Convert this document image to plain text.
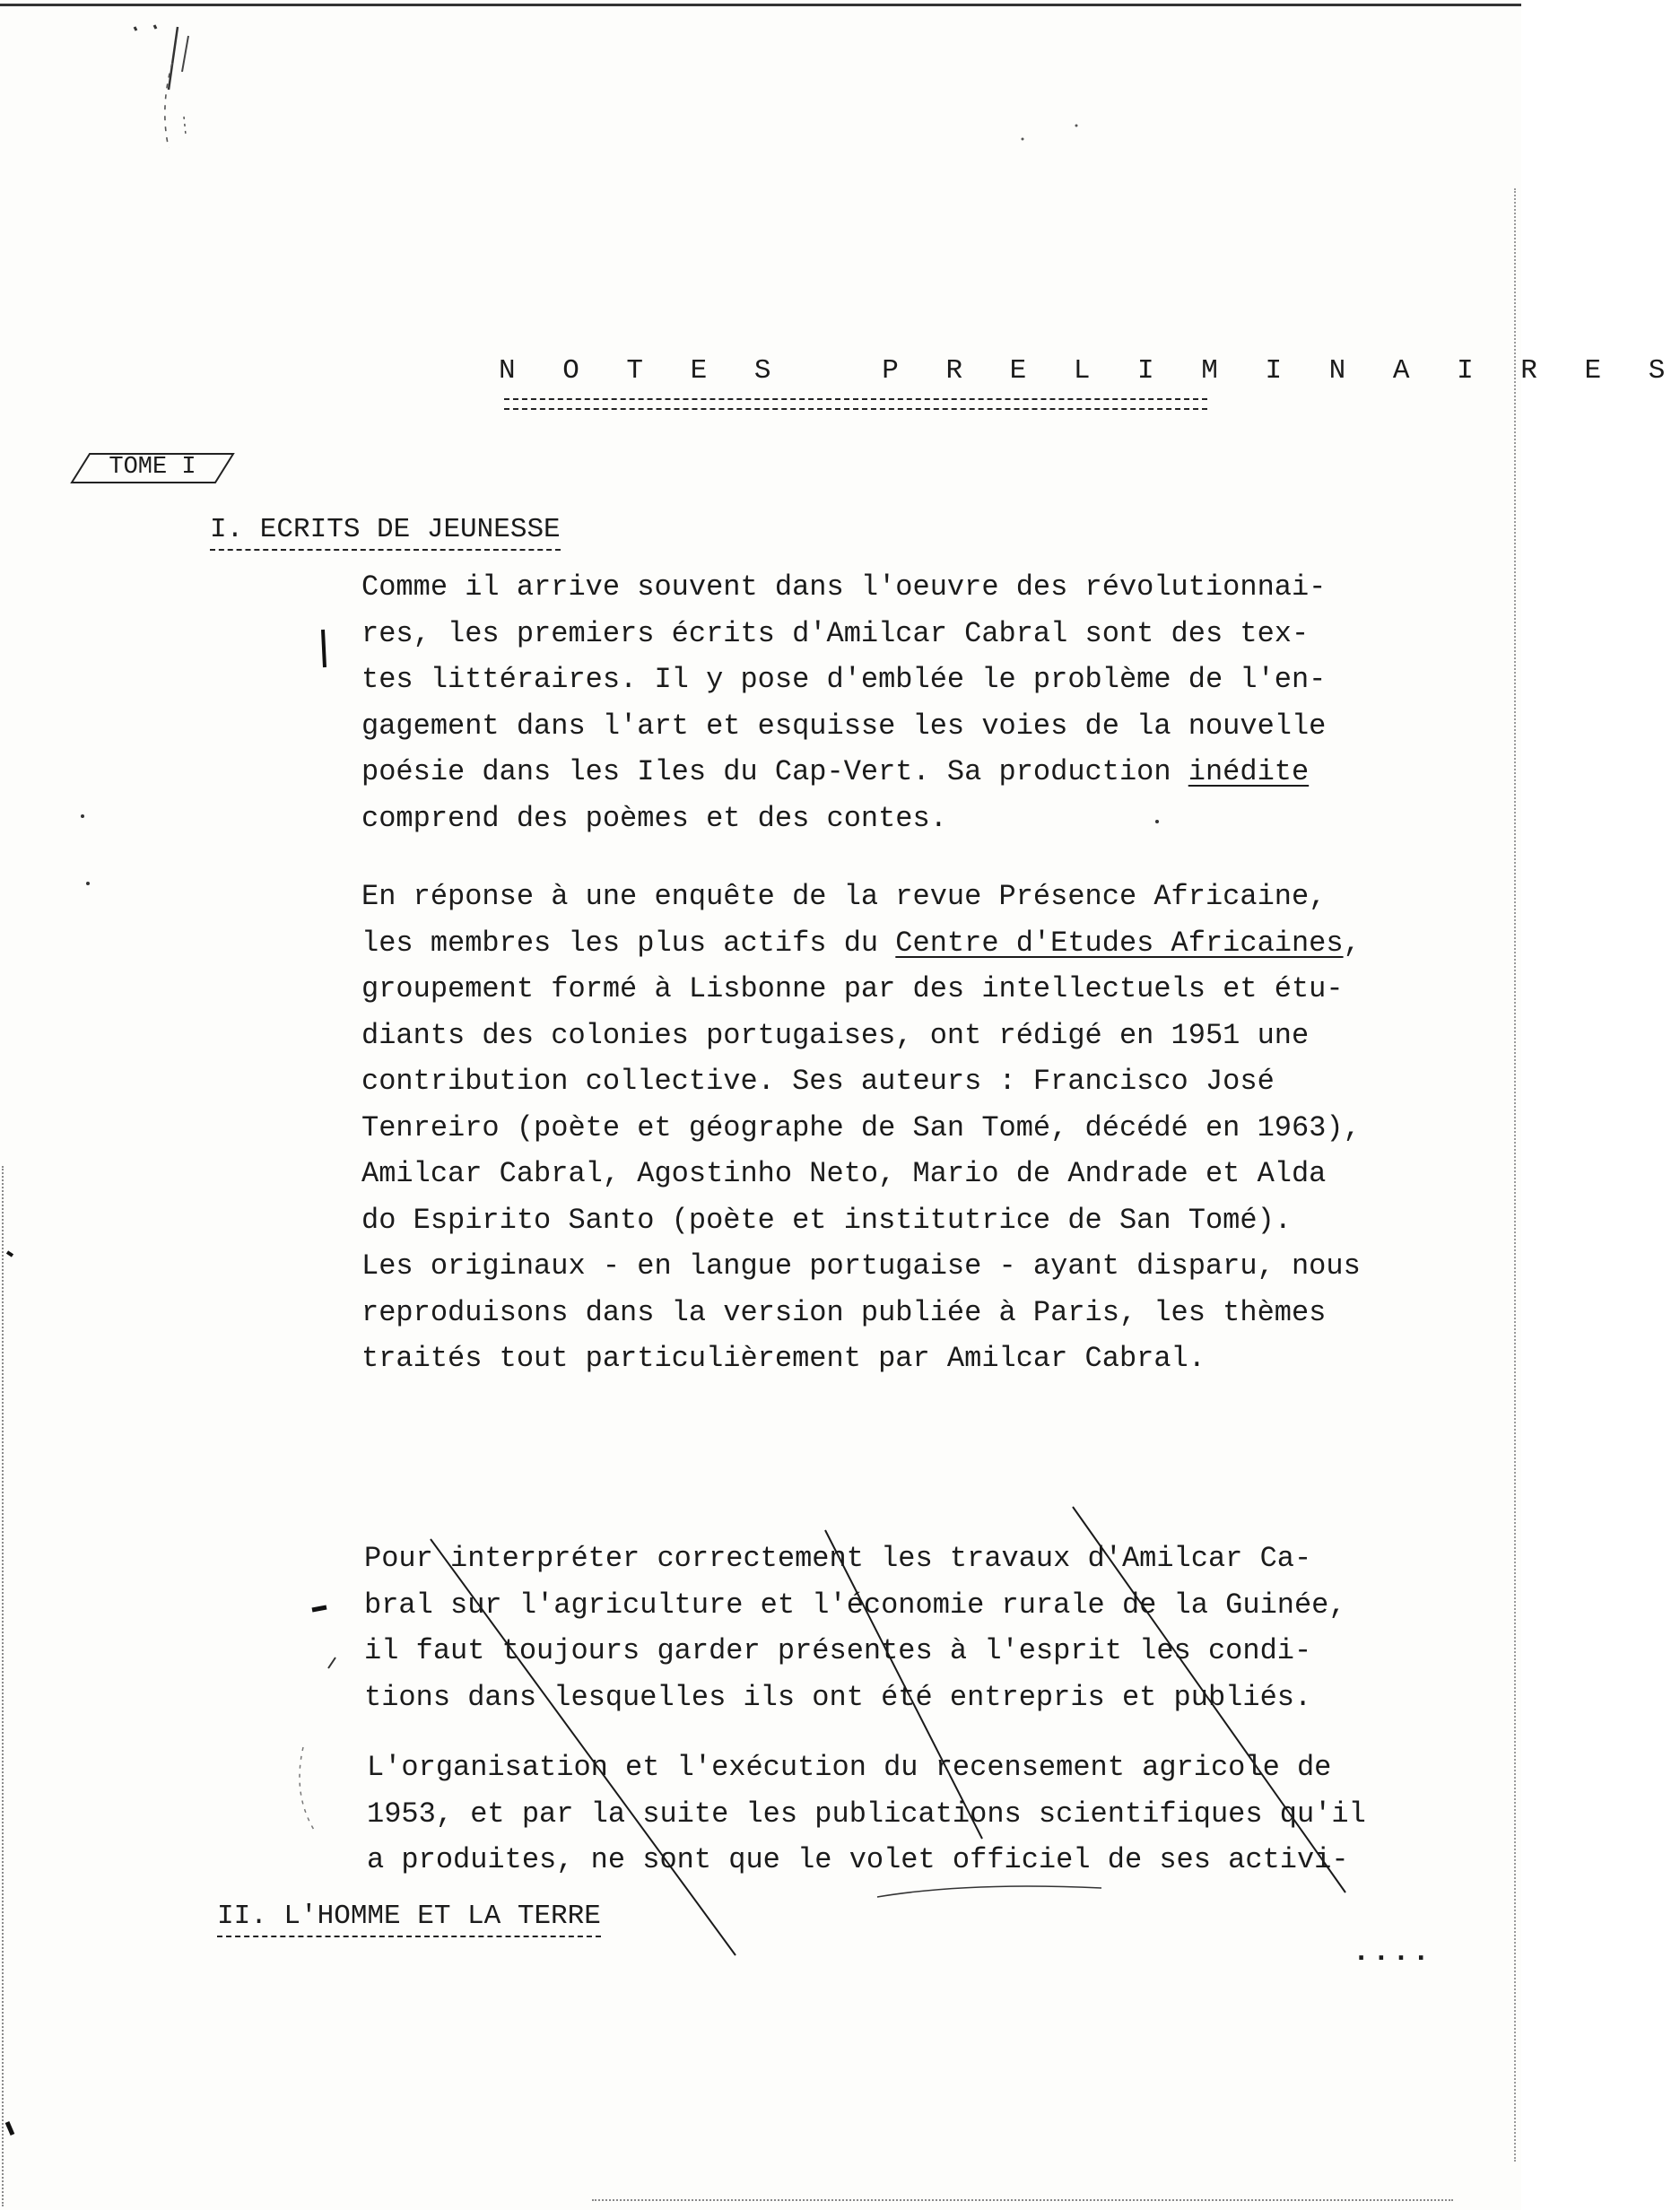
N O T E S   P R E L I M I N A I R E S
TOME I
I. ECRITS DE JEUNESSE
Comme il arrive souvent dans l'oeuvre des révolutionnai-
res, les premiers écrits d'Amilcar Cabral sont des tex-
tes littéraires. Il y pose d'emblée le problème de l'en-
gagement dans l'art et esquisse les voies de la nouvelle
poésie dans les Iles du Cap-Vert. Sa production inédite
comprend des poèmes et des contes.
En réponse à une enquête de la revue Présence Africaine,
les membres les plus actifs du Centre d'Etudes Africaines,
groupement formé à Lisbonne par des intellectuels et étu-
diants des colonies portugaises, ont rédigé en 1951 une
contribution collective. Ses auteurs : Francisco José
Tenreiro (poète et géographe de San Tomé, décédé en 1963),
Amilcar Cabral, Agostinho Neto, Mario de Andrade et Alda
do Espirito Santo (poète et institutrice de San Tomé).
Les originaux - en langue portugaise - ayant disparu, nous
reproduisons dans la version publiée à Paris, les thèmes
traités tout particulièrement par Amilcar Cabral.
II. L'HOMME ET LA TERRE
Pour interpréter correctement les travaux d'Amilcar Ca-
bral sur l'agriculture et l'économie rurale de la Guinée,
il faut toujours garder présentes à l'esprit les condi-
tions dans lesquelles ils ont été entrepris et publiés.
L'organisation et l'exécution du recensement agricole de
1953, et par la suite les publications scientifiques qu'il
a produites, ne sont que le volet officiel de ses activi-
....
